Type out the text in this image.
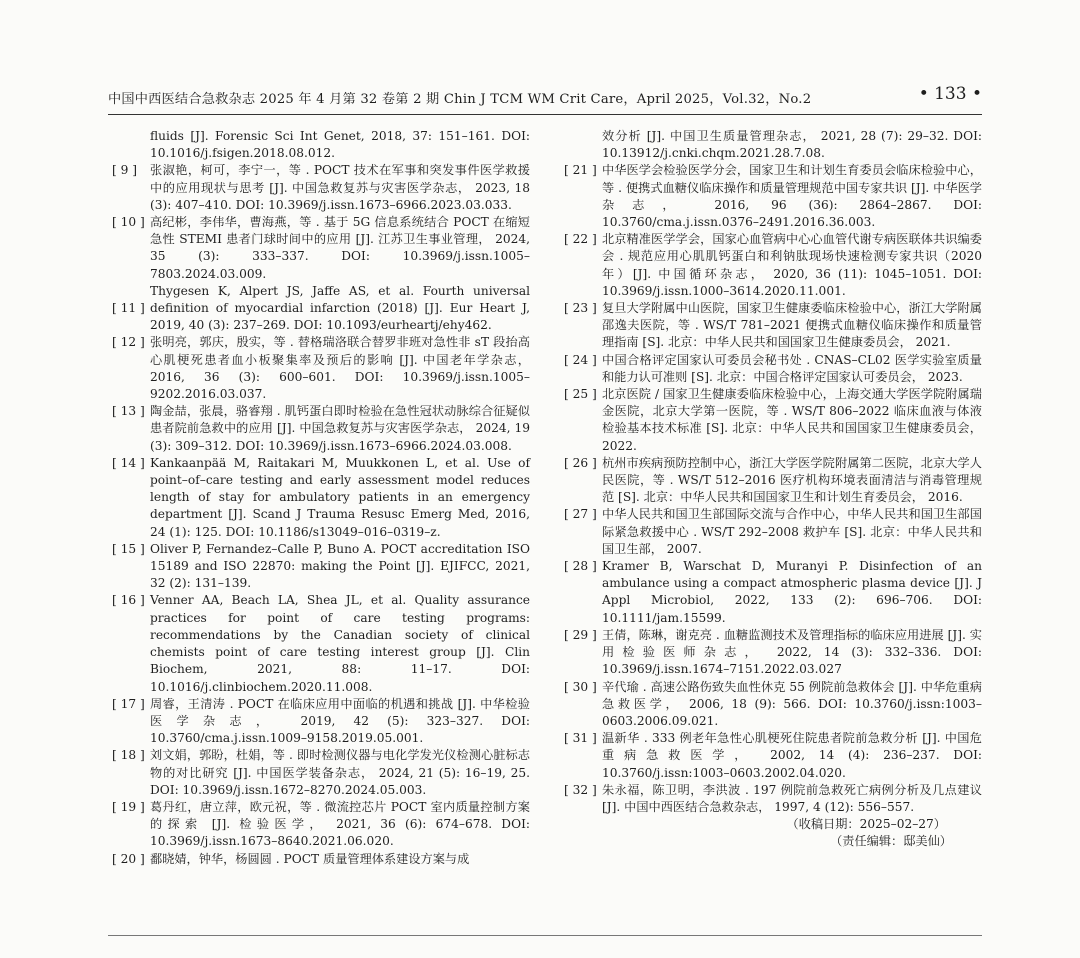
中国中西医结合急救杂志 2025 年 4 月第 32 卷第 2 期 Chin J TCM WM Crit Care，April 2025，Vol.32，No.2	• 133 •
fluids [J]. Forensic Sci Int Genet, 2018, 37: 151–161. DOI: 10.1016/j.fsigen.2018.08.012.
[ 9 ] 张淑艳，柯可，李宁一，等 . POCT 技术在军事和突发事件医学救援中的应用现状与思考 [J]. 中国急救复苏与灾害医学杂志， 2023, 18 (3): 407–410. DOI: 10.3969/j.issn.1673–6966.2023.03.033.
[ 10 ] 高纪彬，李伟华，曹海燕，等 . 基于 5G 信息系统结合 POCT 在缩短急性 STEMI 患者门球时间中的应用 [J]. 江苏卫生事业管理， 2024, 35 (3): 333–337. DOI: 10.3969/j.issn.1005–7803.2024.03.009.
Thygesen K, Alpert JS, Jaffe AS, et al. Fourth universal definition of myocardial infarction (2018) [J]. Eur Heart J, 2019, 40 (3): 237–269. DOI: 10.1093/eurheartj/ehy462.
[ 11 ]
[ 12 ] 张明亮，郭庆，殷实，等 . 替格瑞洛联合替罗非班对急性非 sT 段抬高心肌梗死患者血小板聚集率及预后的影响 [J]. 中国老年学杂志， 2016, 36 (3): 600–601. DOI: 10.3969/j.issn.1005–9202.2016.03.037.
[ 13 ] 陶金喆，张晨，骆睿翔 . 肌钙蛋白即时检验在急性冠状动脉综合征疑似患者院前急救中的应用 [J]. 中国急救复苏与灾害医学杂志， 2024, 19 (3): 309–312. DOI: 10.3969/j.issn.1673–6966.2024.03.008.
[ 14 ] Kankaanpää M, Raitakari M, Muukkonen L, et al. Use of point–of–care testing and early assessment model reduces length of stay for ambulatory patients in an emergency department [J]. Scand J Trauma Resusc Emerg Med, 2016, 24 (1): 125. DOI: 10.1186/s13049–016–0319–z.
[ 15 ] Oliver P, Fernandez–Calle P, Buno A. POCT accreditation ISO 15189 and ISO 22870: making the Point [J]. EJIFCC, 2021, 32 (2): 131–139.
[ 16 ] Venner AA, Beach LA, Shea JL, et al. Quality assurance practices for point of care testing programs: recommendations by the Canadian society of clinical chemists point of care testing interest group [J]. Clin Biochem, 2021, 88: 11–17. DOI: 10.1016/j.clinbiochem.2020.11.008.
[ 17 ] 周睿，王清涛 . POCT 在临床应用中面临的机遇和挑战 [J]. 中华检验医学杂志， 2019, 42 (5): 323–327. DOI: 10.3760/cma.j.issn.1009–9158.2019.05.001.
[ 18 ] 刘文娟，郭盼，杜娟，等 . 即时检测仪器与电化学发光仪检测心脏标志物的对比研究 [J]. 中国医学装备杂志， 2024, 21 (5): 16–19, 25. DOI: 10.3969/j.issn.1672–8270.2024.05.003.
[ 19 ] 葛丹红，唐立萍，欧元祝，等 . 微流控芯片 POCT 室内质量控制方案的探索 [J]. 检验医学， 2021, 36 (6): 674–678. DOI: 10.3969/j.issn.1673–8640.2021.06.020.
[ 20 ] 鄱晓婧，钟华，杨圆圆 . POCT 质量管理体系建设方案与成
效分析 [J]. 中国卫生质量管理杂志， 2021, 28 (7): 29–32. DOI: 10.13912/j.cnki.chqm.2021.28.7.08.
[ 21 ] 中华医学会检验医学分会，国家卫生和计划生育委员会临床检验中心，等 . 便携式血糖仪临床操作和质量管理规范中国专家共识 [J]. 中华医学杂志， 2016, 96 (36): 2864–2867. DOI: 10.3760/cma.j.issn.0376–2491.2016.36.003.
[ 22 ] 北京精准医学学会，国家心血管病中心心血管代谢专病医联体共识编委会 . 规范应用心肌肌钙蛋白和利钠肽现场快速检测专家共识（2020 年）[J]. 中国循环杂志， 2020, 36 (11): 1045–1051. DOI: 10.3969/j.issn.1000–3614.2020.11.001.
[ 23 ] 复旦大学附属中山医院，国家卫生健康委临床检验中心，浙江大学附属邵逸夫医院，等 . WS/T 781–2021 便携式血糖仪临床操作和质量管理指南 [S]. 北京：中华人民共和国国家卫生健康委员会， 2021.
[ 24 ] 中国合格评定国家认可委员会秘书处 . CNAS–CL02 医学实验室质量和能力认可准则 [S]. 北京：中国合格评定国家认可委员会， 2023.
[ 25 ] 北京医院 / 国家卫生健康委临床检验中心，上海交通大学医学院附属瑞金医院，北京大学第一医院，等 . WS/T 806–2022 临床血液与体液检验基本技术标准 [S]. 北京：中华人民共和国国家卫生健康委员会， 2022.
[ 26 ] 杭州市疾病预防控制中心，浙江大学医学院附属第二医院，北京大学人民医院，等 . WS/T 512–2016 医疗机构环境表面清洁与消毒管理规范 [S]. 北京：中华人民共和国国家卫生和计划生育委员会， 2016.
[ 27 ] 中华人民共和国卫生部国际交流与合作中心，中华人民共和国卫生部国际紧急救援中心 . WS/T 292–2008 救护车 [S]. 北京：中华人民共和国卫生部， 2007.
[ 28 ] Kramer B, Warschat D, Muranyi P. Disinfection of an ambulance using a compact atmospheric plasma device [J]. J Appl Microbiol, 2022, 133 (2): 696–706. DOI: 10.1111/jam.15599.
[ 29 ] 王倩，陈琳，谢克亮 . 血糖监测技术及管理指标的临床应用进展 [J]. 实用检验医师杂志， 2022, 14 (3): 332–336. DOI: 10.3969/j.issn.1674–7151.2022.03.027
[ 30 ] 辛代瑜 . 高速公路伤致失血性休克 55 例院前急救体会 [J]. 中华危重病急救医学， 2006, 18 (9): 566. DOI: 10.3760/j.issn:1003–0603.2006.09.021.
[ 31 ] 温新华 . 333 例老年急性心肌梗死住院患者院前急救分析 [J]. 中国危重病急救医学， 2002, 14 (4): 236–237. DOI: 10.3760/j.issn:1003–0603.2002.04.020.
[ 32 ] 朱永福，陈卫明，李洪波 . 197 例院前急救死亡病例分析及几点建议 [J]. 中国中西医结合急救杂志， 1997, 4 (12): 556–557.
（收稿日期：2025–02–27）
（责任编辑：邸美仙）
